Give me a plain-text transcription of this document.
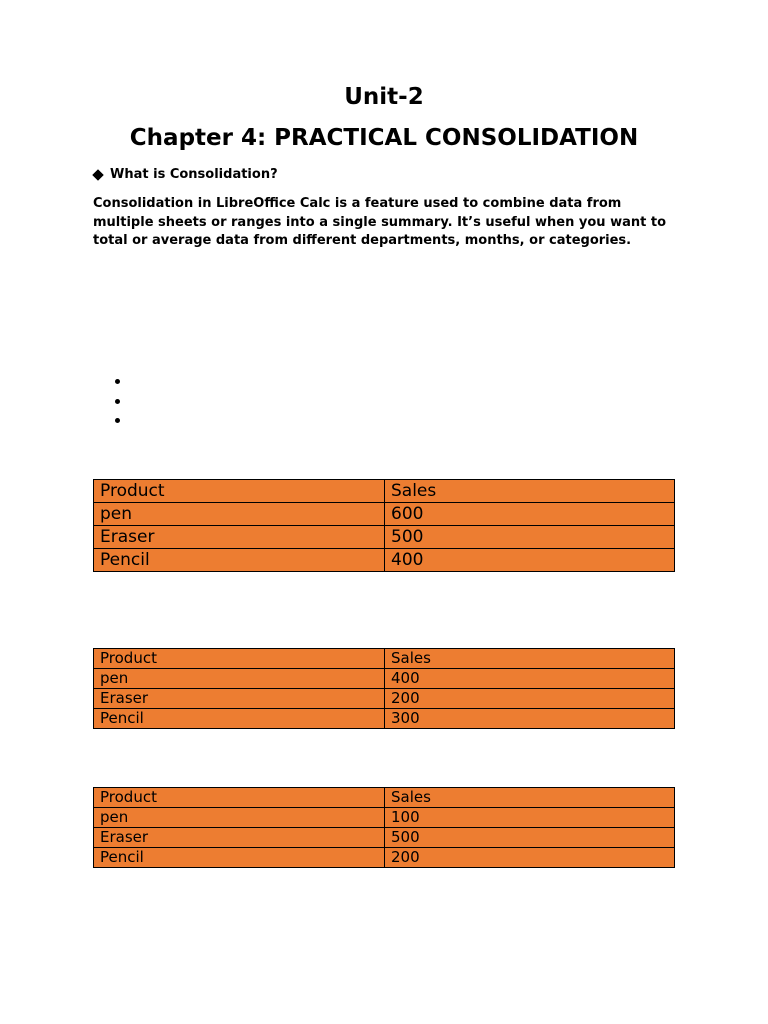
Unit-2
Chapter 4: PRACTICAL CONSOLIDATION
What is Consolidation?
Consolidation in LibreOffice Calc is a feature used to combine data from multiple sheets or ranges into a single summary. It’s useful when you want to total or average data from different departments, months, or categories.
Product	Sales
pen	600
Eraser	500
Pencil	400
Product	Sales
pen	400
Eraser	200
Pencil	300
Product	Sales
pen	100
Eraser	500
Pencil	200
